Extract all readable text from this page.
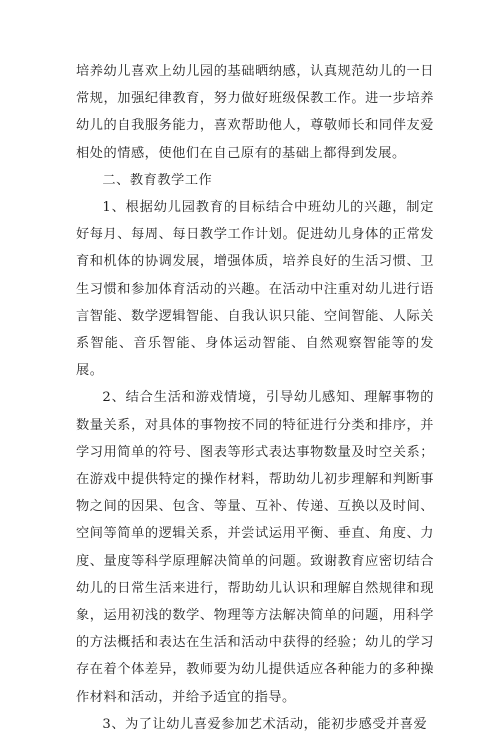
培养幼儿喜欢上幼儿园的基础晒纳感，认真规范幼儿的一日常规，加强纪律教育，努力做好班级保教工作。进一步培养幼儿的自我服务能力，喜欢帮助他人，尊敬师长和同伴友爱相处的情感，使他们在自己原有的基础上都得到发展。

二、教育教学工作

1、根据幼儿园教育的目标结合中班幼儿的兴趣，制定好每月、每周、每日教学工作计划。促进幼儿身体的正常发育和机体的协调发展，增强体质，培养良好的生活习惯、卫生习惯和参加体育活动的兴趣。在活动中注重对幼儿进行语言智能、数学逻辑智能、自我认识只能、空间智能、人际关系智能、音乐智能、身体运动智能、自然观察智能等的发展。

2、结合生活和游戏情境，引导幼儿感知、理解事物的数量关系，对具体的事物按不同的特征进行分类和排序，并学习用简单的符号、图表等形式表达事物数量及时空关系；在游戏中提供特定的操作材料，帮助幼儿初步理解和判断事物之间的因果、包含、等量、互补、传递、互换以及时间、空间等简单的逻辑关系，并尝试运用平衡、垂直、角度、力度、量度等科学原理解决简单的问题。致谢教育应密切结合幼儿的日常生活来进行，帮助幼儿认识和理解自然规律和现象，运用初浅的数学、物理等方法解决简单的问题，用科学的方法概括和表达在生活和活动中获得的经验；幼儿的学习存在着个体差异，教师要为幼儿提供适应各种能力的多种操作材料和活动，并给予适宜的指导。

3、为了让幼儿喜爱参加艺术活动，能初步感受并喜爱
